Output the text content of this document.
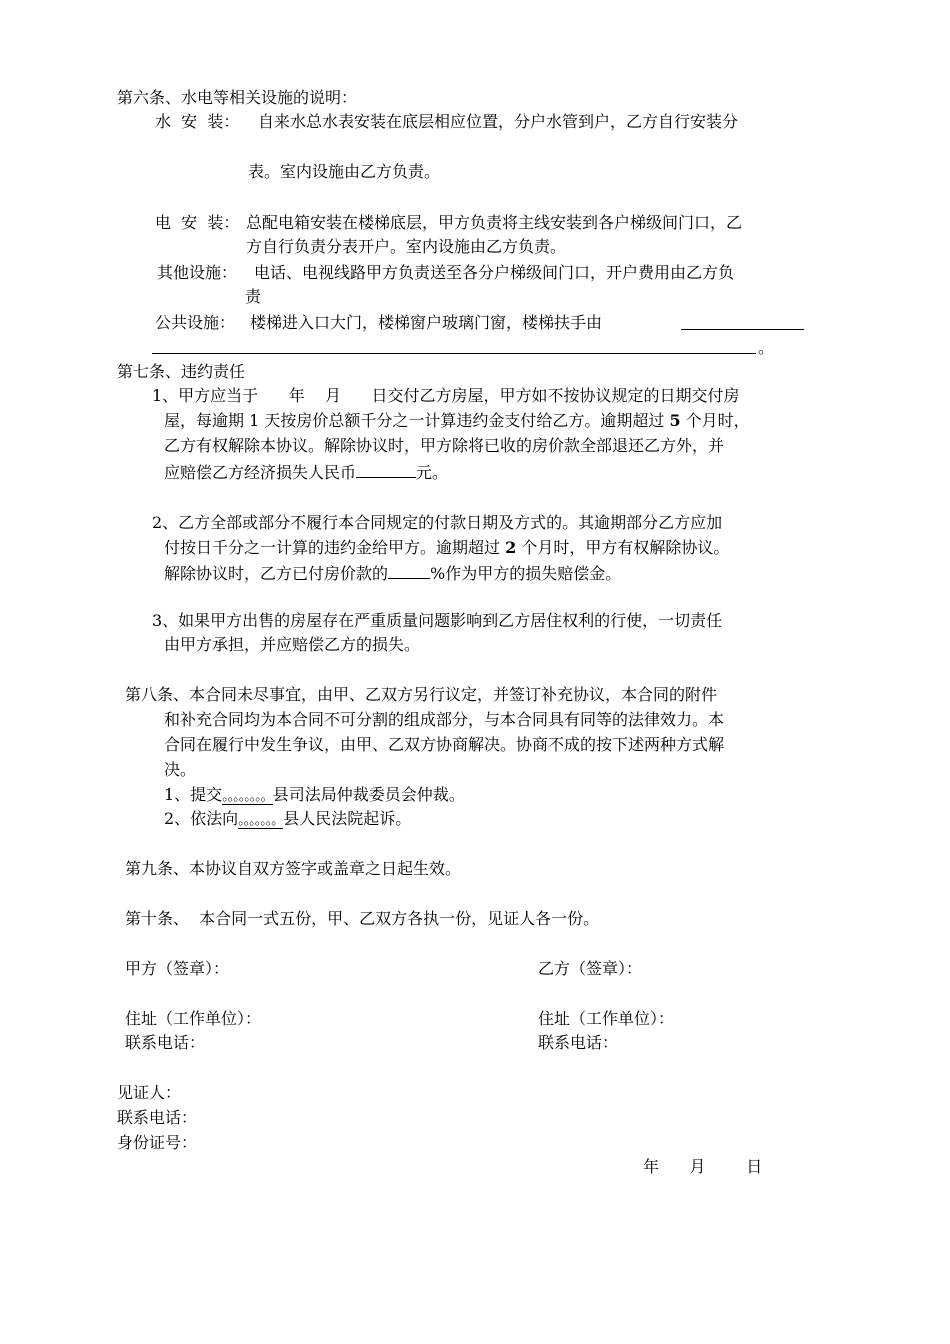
第六条、水电等相关设施的说明：
水  安  装： 自来水总水表安装在底层相应位置，分户水管到户，乙方自行安装分
表。室内设施由乙方负责。
电  安  装： 总配电箱安装在楼梯底层，甲方负责将主线安装到各户梯级间门口，乙
方自行负责分表开户。室内设施由乙方负责。
其他设施： 电话、电视线路甲方负责送至各分户梯级间门口，开户费用由乙方负
责
公共设施： 楼梯进入口大门，楼梯窗户玻璃门窗，楼梯扶手由
。
第七条、违约责任
1、甲方应当于      年    月      日交付乙方房屋，甲方如不按协议规定的日期交付房
屋，每逾期 1 天按房价总额千分之一计算违约金支付给乙方。逾期超过 5 个月时，
乙方有权解除本协议。解除协议时，甲方除将已收的房价款全部退还乙方外，并
应赔偿乙方经济损失人民币	元。
2、乙方全部或部分不履行本合同规定的付款日期及方式的。其逾期部分乙方应加
付按日千分之一计算的违约金给甲方。逾期超过 2 个月时，甲方有权解除协议。
解除协议时，乙方已付房价款的	%作为甲方的损失赔偿金。
3、如果甲方出售的房屋存在严重质量问题影响到乙方居住权利的行使，一切责任
由甲方承担，并应赔偿乙方的损失。
第八条、本合同未尽事宜，由甲、乙双方另行议定，并签订补充协议，本合同的附件
和补充合同均为本合同不可分割的组成部分，与本合同具有同等的法律效力。本
合同在履行中发生争议，由甲、乙双方协商解决。协商不成的按下述两种方式解
决。
1、提交。。。。。。。。县司法局仲裁委员会仲裁。
2、依法向。。。。。。。县人民法院起诉。
第九条、本协议自双方签字或盖章之日起生效。
第十条、  本合同一式五份，甲、乙双方各执一份，见证人各一份。
甲方（签章）：	乙方（签章）：
住址（工作单位）：	住址（工作单位）：
联系电话：	联系电话：
见证人：
联系电话：
身份证号：
年      月        日
